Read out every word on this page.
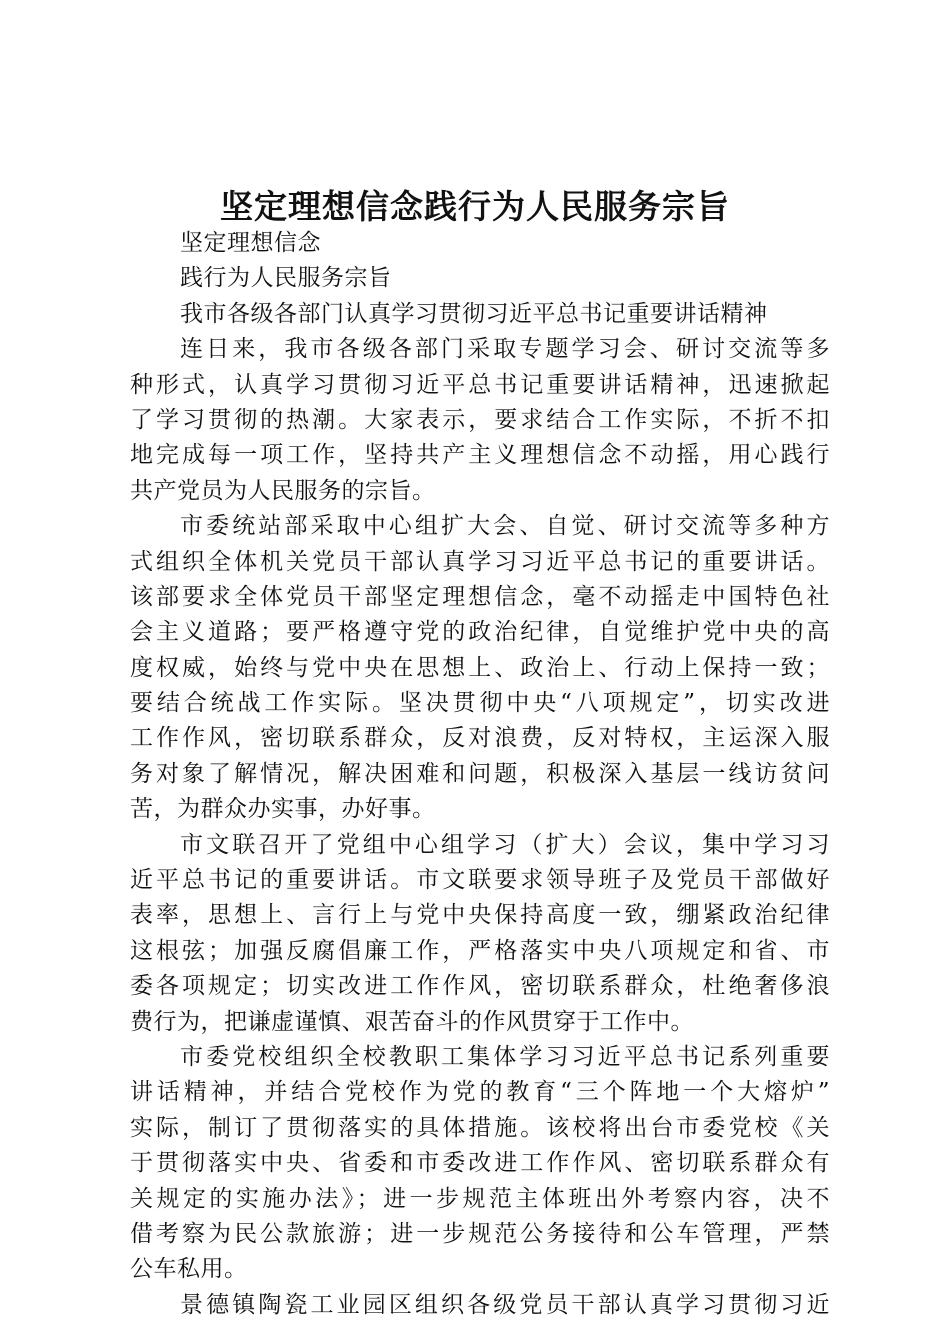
坚定理想信念践行为人民服务宗旨
坚定理想信念
践行为人民服务宗旨
我市各级各部门认真学习贯彻习近平总书记重要讲话精神
连日来，我市各级各部门采取专题学习会、研讨交流等多
种形式，认真学习贯彻习近平总书记重要讲话精神，迅速掀起
了学习贯彻的热潮。大家表示，要求结合工作实际，不折不扣
地完成每一项工作，坚持共产主义理想信念不动摇，用心践行
共产党员为人民服务的宗旨。
市委统站部采取中心组扩大会、自觉、研讨交流等多种方
式组织全体机关党员干部认真学习习近平总书记的重要讲话。
该部要求全体党员干部坚定理想信念，毫不动摇走中国特色社
会主义道路；要严格遵守党的政治纪律，自觉维护党中央的高
度权威，始终与党中央在思想上、政治上、行动上保持一致；
要结合统战工作实际。坚决贯彻中央“八项规定”，切实改进
工作作风，密切联系群众，反对浪费，反对特权，主运深入服
务对象了解情况，解决困难和问题，积极深入基层一线访贫问
苦，为群众办实事，办好事。
市文联召开了党组中心组学习（扩大）会议，集中学习习
近平总书记的重要讲话。市文联要求领导班子及党员干部做好
表率，思想上、言行上与党中央保持高度一致，绷紧政治纪律
这根弦；加强反腐倡廉工作，严格落实中央八项规定和省、市
委各项规定；切实改进工作作风，密切联系群众，杜绝奢侈浪
费行为，把谦虚谨慎、艰苦奋斗的作风贯穿于工作中。
市委党校组织全校教职工集体学习习近平总书记系列重要
讲话精神，并结合党校作为党的教育“三个阵地一个大熔炉”
实际，制订了贯彻落实的具体措施。该校将出台市委党校《关
于贯彻落实中央、省委和市委改进工作作风、密切联系群众有
关规定的实施办法》；进一步规范主体班出外考察内容，决不
借考察为民公款旅游；进一步规范公务接待和公车管理，严禁
公车私用。
景德镇陶瓷工业园区组织各级党员干部认真学习贯彻习近
